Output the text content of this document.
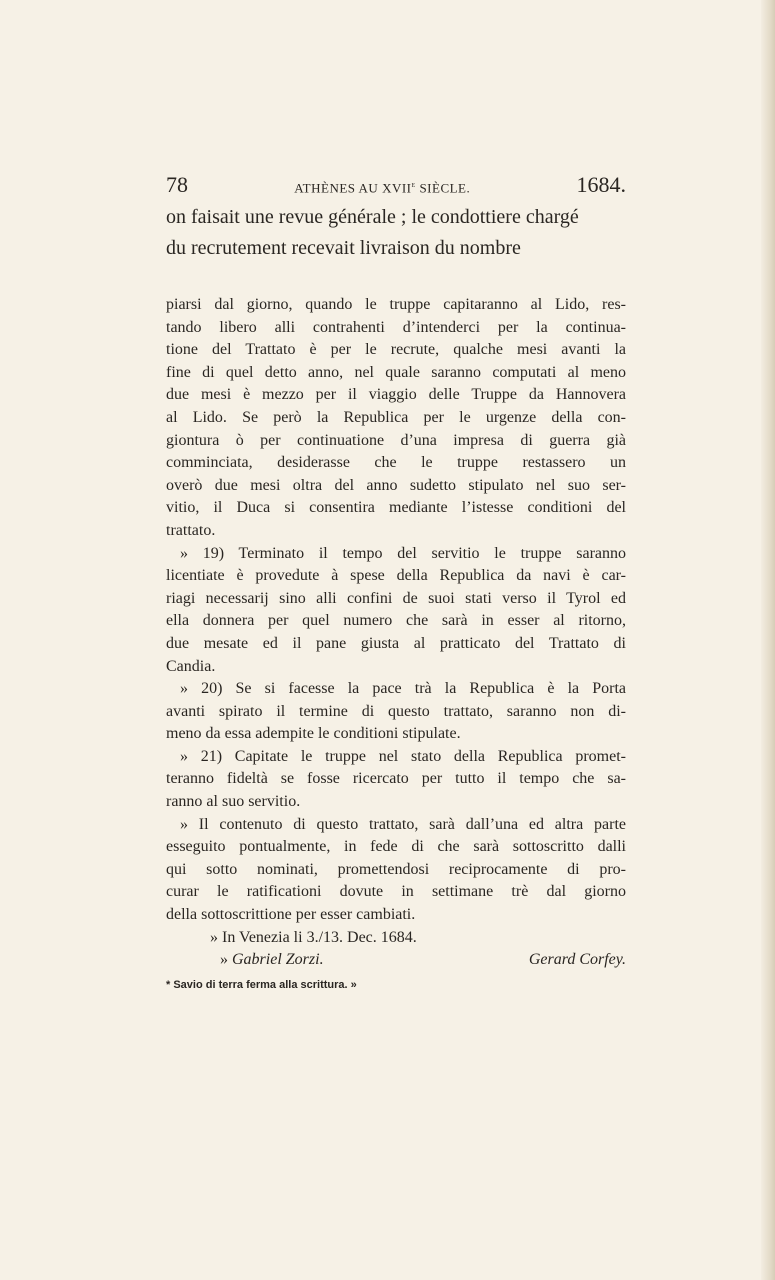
78	ATHÈNES AU XVIIe SIÈCLE.	1684.
on faisait une revue générale ; le condottiere chargé
du recrutement recevait livraison du nombre
piarsi dal giorno, quando le truppe capitaranno al Lido, res-
tando libero alli contrahenti d’intenderci per la continua-
tione del Trattato è per le recrute, qualche mesi avanti la
fine di quel detto anno, nel quale saranno computati al meno
due mesi è mezzo per il viaggio delle Truppe da Hannovera
al Lido. Se però la Republica per le urgenze della con-
giontura ò per continuatione d’una impresa di guerra già
comminciata, desiderasse che le truppe restassero un
overò due mesi oltra del anno sudetto stipulato nel suo ser-
vitio, il Duca si consentira mediante l’istesse conditioni del
trattato.
» 19) Terminato il tempo del servitio le truppe saranno
licentiate è provedute à spese della Republica da navi è car-
riagi necessarij sino alli confini de suoi stati verso il Tyrol ed
ella donnera per quel numero che sarà in esser al ritorno,
due mesate ed il pane giusta al pratticato del Trattato di
Candia.
» 20) Se si facesse la pace trà la Republica è la Porta
avanti spirato il termine di questo trattato, saranno non di-
meno da essa adempite le conditioni stipulate.
» 21) Capitate le truppe nel stato della Republica promet-
teranno fideltà se fosse ricercato per tutto il tempo che sa-
ranno al suo servitio.
» Il contenuto di questo trattato, sarà dall’una ed altra parte
esseguito pontualmente, in fede di che sarà sottoscritto dalli
qui sotto nominati, promettendosi reciprocamente di pro-
curar le ratificationi dovute in settimane trè dal giorno
della sottoscrittione per esser cambiati.
» In Venezia li 3./13. Dec. 1684.
» Gabriel Zorzi.	Gerard Corfey.
* Savio di terra ferma alla scrittura. »
